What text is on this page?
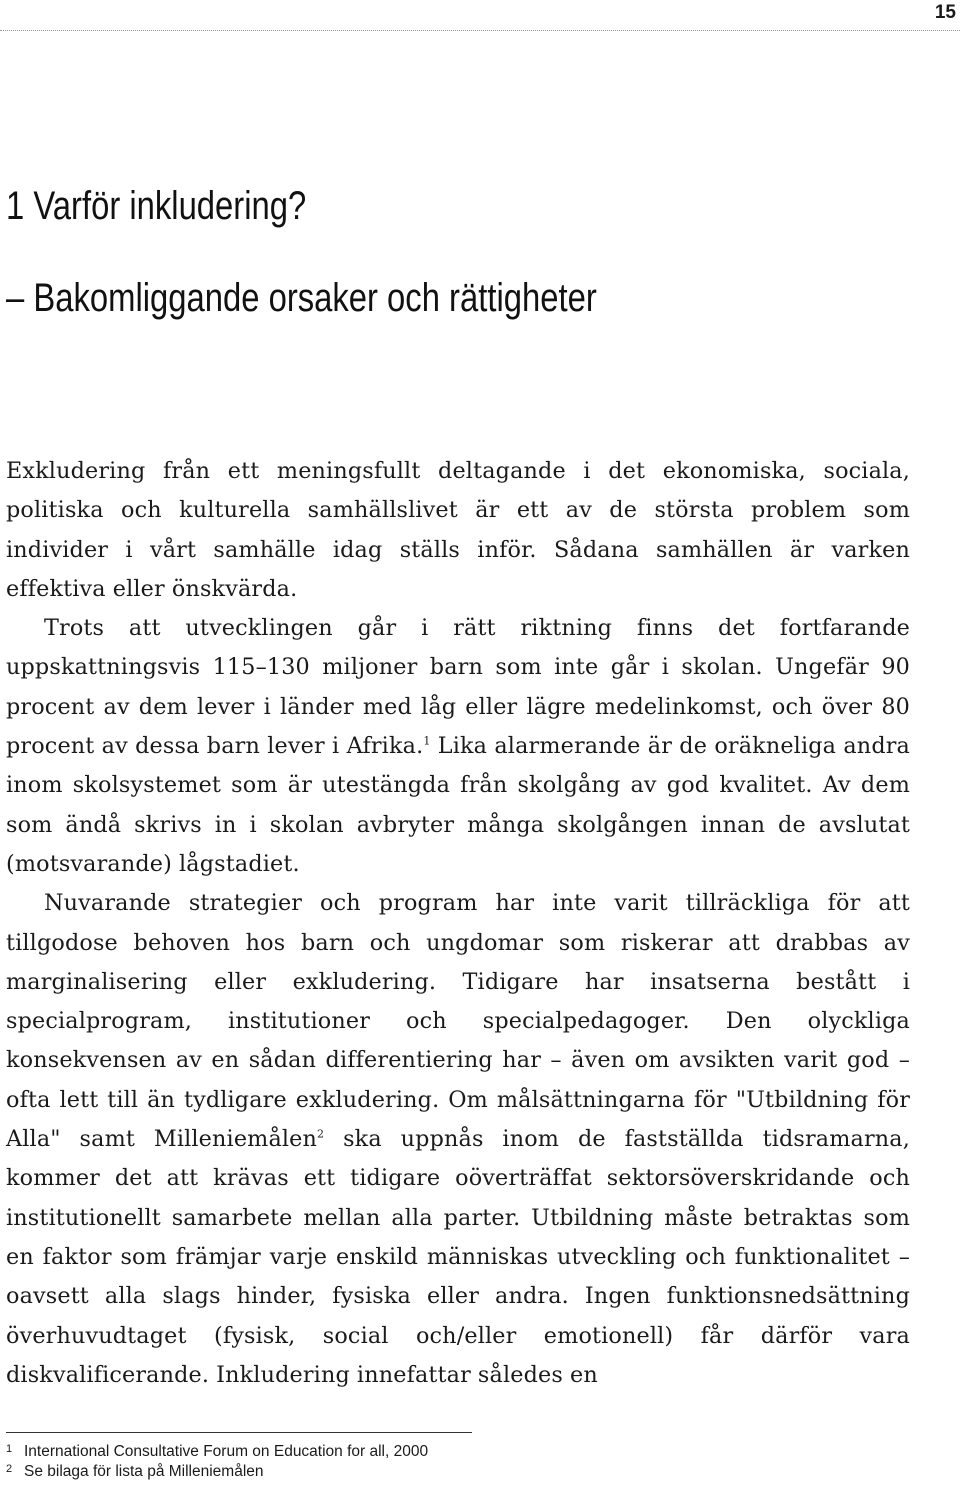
15
1 Varför inkludering?
– Bakomliggande orsaker och rättigheter

Exkludering från ett meningsfullt deltagande i det ekonomiska, sociala, politiska och kulturella samhällslivet är ett av de största problem som individer i vårt samhälle idag ställs inför. Sådana samhällen är varken effektiva eller önskvärda.

Trots att utvecklingen går i rätt riktning finns det fortfarande uppskattningsvis 115–130 miljoner barn som inte går i skolan. Ungefär 90 procent av dem lever i länder med låg eller lägre medelinkomst, och över 80 procent av dessa barn lever i Afrika.$^1$ Lika alarmerande är de oräkneliga andra inom skolsystemet som är utestängda från skolgång av god kvalitet. Av dem som ändå skrivs in i skolan avbryter många skolgången innan de avslutat (motsvarande) lågstadiet.

Nuvarande strategier och program har inte varit tillräckliga för att tillgodose behoven hos barn och ungdomar som riskerar att drabbas av marginalisering eller exkludering. Tidigare har insatserna bestått i specialprogram, institutioner och specialpedagoger. Den olyckliga konsekvensen av en sådan differentiering har – även om avsikten varit god – ofta lett till än tydligare exkludering. Om målsättningarna för "Utbildning för Alla" samt Milleniemålen$^2$ ska uppnås inom de fastställda tidsramarna, kommer det att krävas ett tidigare oöverträffat sektorsöverskridande och institutionellt samarbete mellan alla parter. Utbildning måste betraktas som en faktor som främjar varje enskild människas utveckling och funktionalitet – oavsett alla slags hinder, fysiska eller andra. Ingen funktionsnedsättning överhuvudtaget (fysisk, social och/eller emotionell) får därför vara diskvalificerande. Inkludering innefattar således en

1 International Consultative Forum on Education for all, 2000
2 Se bilaga för lista på Milleniemålen
